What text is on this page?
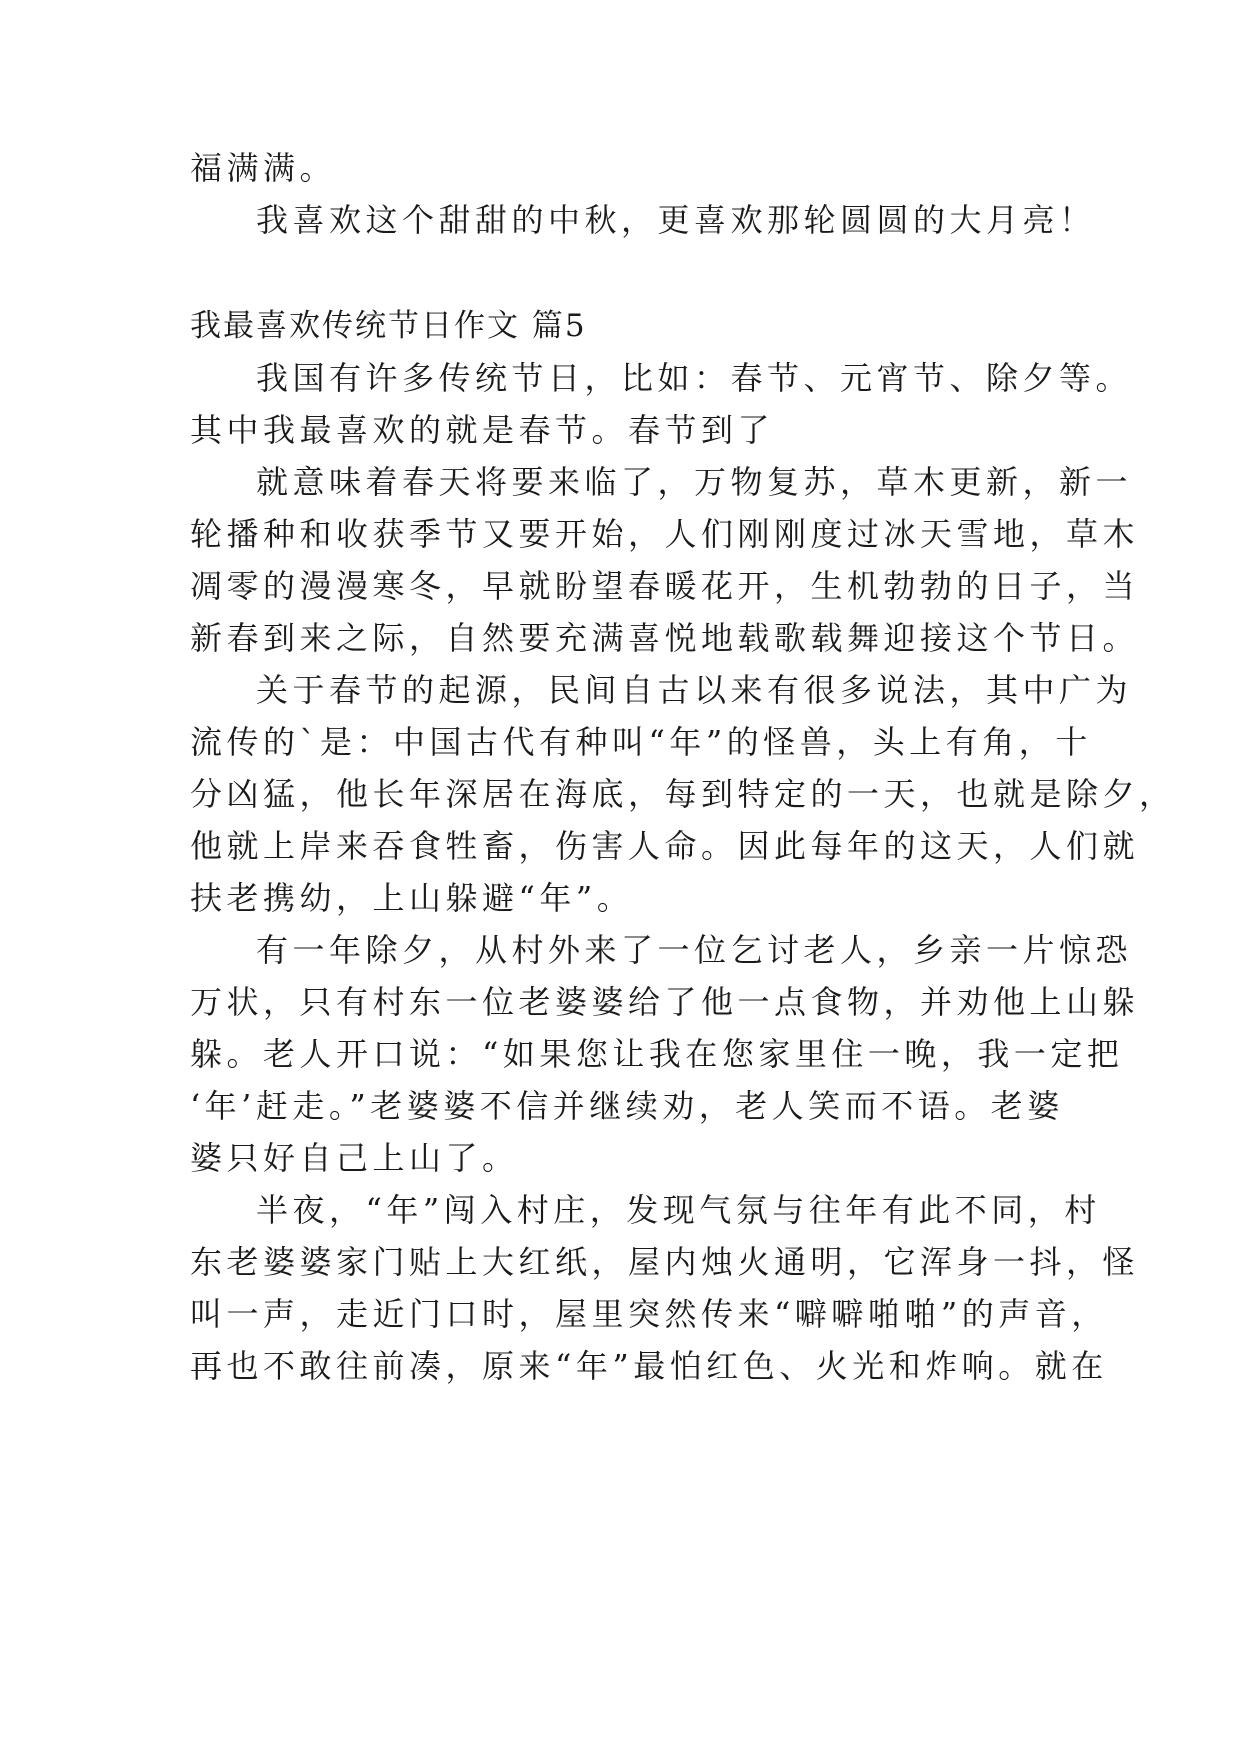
福满满。
我喜欢这个甜甜的中秋，更喜欢那轮圆圆的大月亮！
我最喜欢传统节日作文 篇5
我国有许多传统节日，比如：春节、元宵节、除夕等。
其中我最喜欢的就是春节。春节到了
就意味着春天将要来临了，万物复苏，草木更新，新一
轮播种和收获季节又要开始，人们刚刚度过冰天雪地，草木
凋零的漫漫寒冬，早就盼望春暖花开，生机勃勃的日子，当
新春到来之际，自然要充满喜悦地载歌载舞迎接这个节日。
关于春节的起源，民间自古以来有很多说法，其中广为
流传的`是：中国古代有种叫“年”的怪兽，头上有角，十
分凶猛，他长年深居在海底，每到特定的一天，也就是除夕，
他就上岸来吞食牲畜，伤害人命。因此每年的这天，人们就
扶老携幼，上山躲避“年”。
有一年除夕，从村外来了一位乞讨老人，乡亲一片惊恐
万状，只有村东一位老婆婆给了他一点食物，并劝他上山躲
躲。老人开口说：“如果您让我在您家里住一晚，我一定把
‘年’赶走。”老婆婆不信并继续劝，老人笑而不语。老婆
婆只好自己上山了。
半夜，“年”闯入村庄，发现气氛与往年有此不同，村
东老婆婆家门贴上大红纸，屋内烛火通明，它浑身一抖，怪
叫一声，走近门口时，屋里突然传来“噼噼啪啪”的声音，
再也不敢往前凑，原来“年”最怕红色、火光和炸响。就在
